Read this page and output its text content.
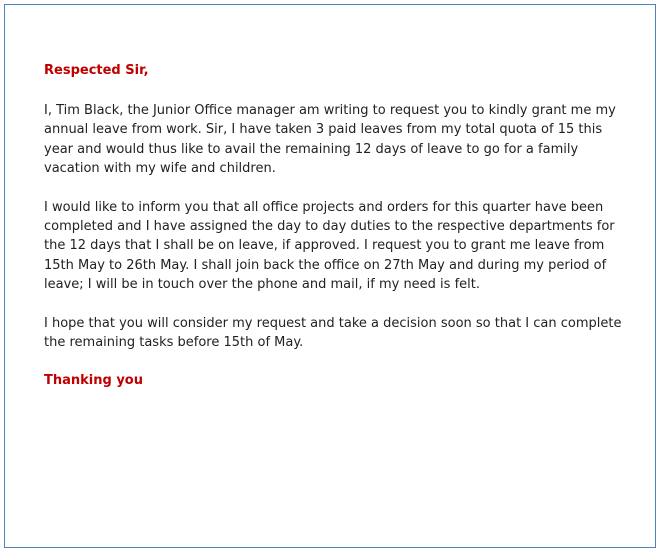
Respected Sir,

I, Tim Black, the Junior Office manager am writing to request you to kindly grant me my annual leave from work. Sir, I have taken 3 paid leaves from my total quota of 15 this year and would thus like to avail the remaining 12 days of leave to go for a family vacation with my wife and children.

I would like to inform you that all office projects and orders for this quarter have been completed and I have assigned the day to day duties to the respective departments for the 12 days that I shall be on leave, if approved. I request you to grant me leave from 15th May to 26th May. I shall join back the office on 27th May and during my period of leave; I will be in touch over the phone and mail, if my need is felt.

I hope that you will consider my request and take a decision soon so that I can complete the remaining tasks before 15th of May.

Thanking you
